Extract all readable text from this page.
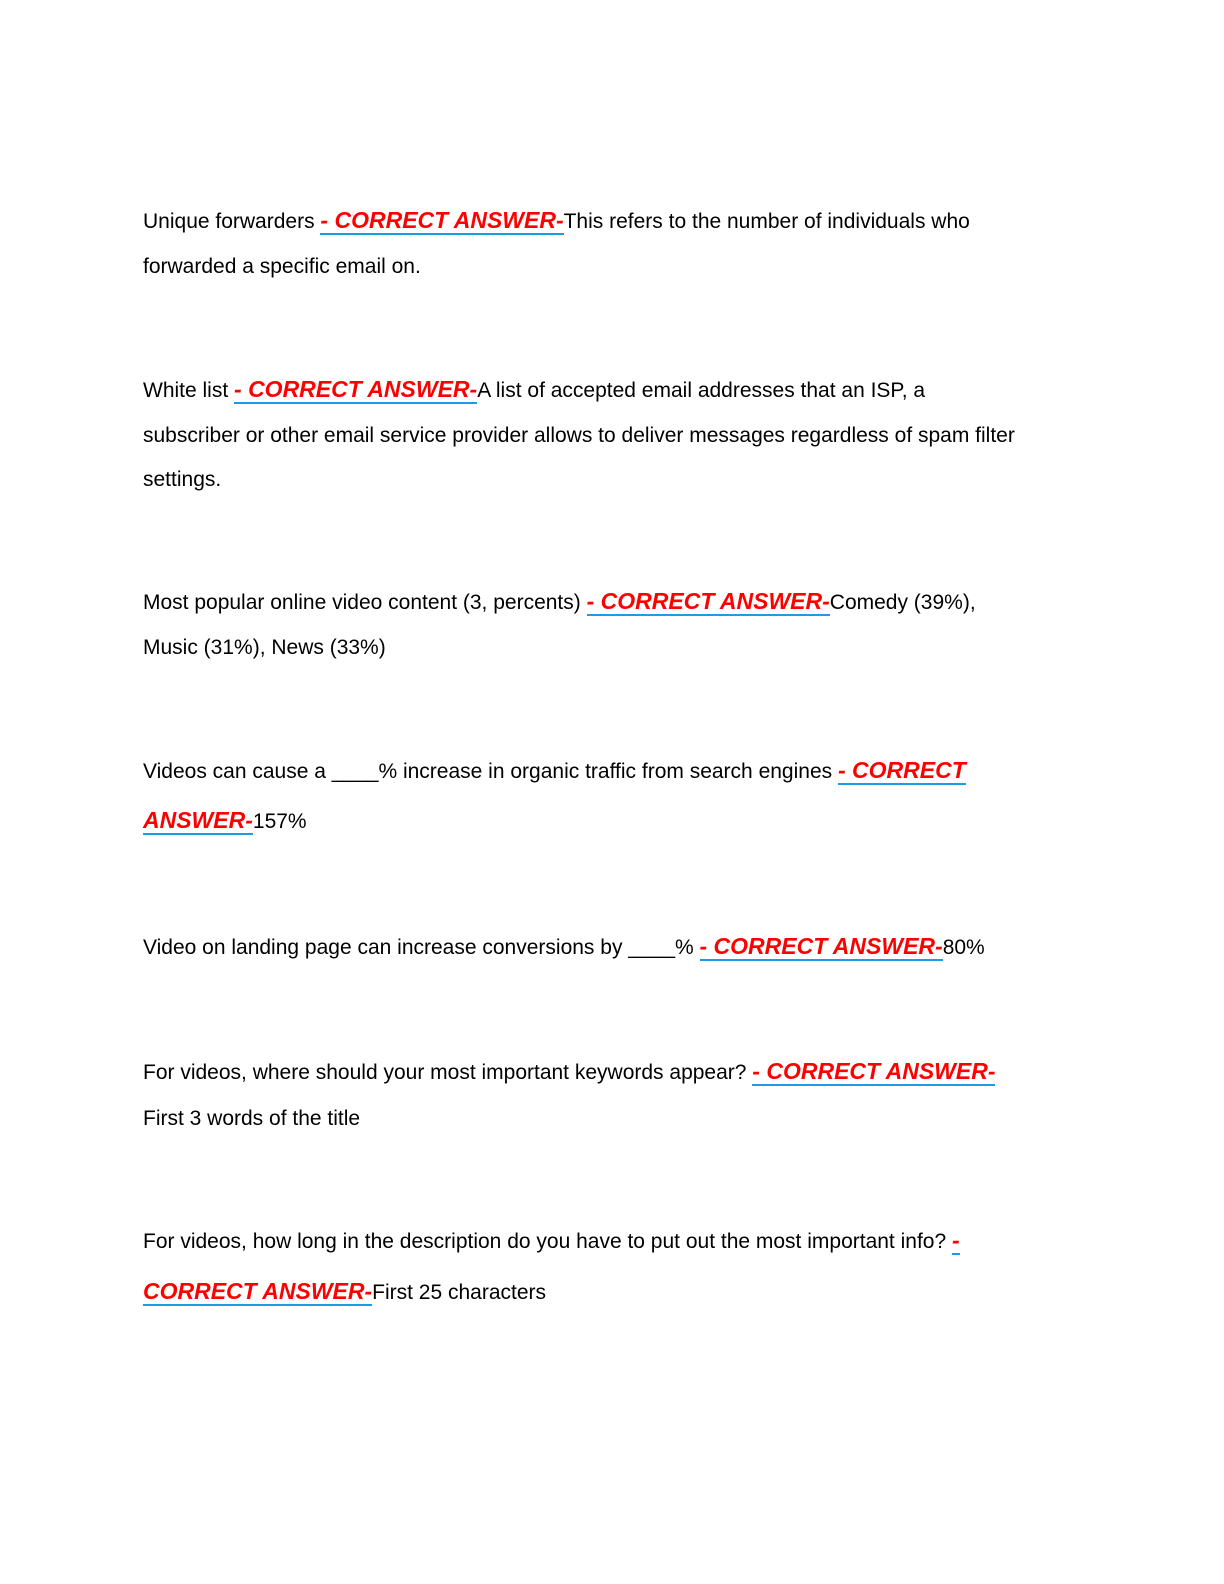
Unique forwarders - CORRECT ANSWER-This refers to the number of individuals who
forwarded a specific email on.
White list - CORRECT ANSWER-A list of accepted email addresses that an ISP, a
subscriber or other email service provider allows to deliver messages regardless of spam filter
settings.
Most popular online video content (3, percents) - CORRECT ANSWER-Comedy (39%),
Music (31%), News (33%)
Videos can cause a ____% increase in organic traffic from search engines - CORRECT
ANSWER-157%
Video on landing page can increase conversions by ____% - CORRECT ANSWER-80%
For videos, where should your most important keywords appear? - CORRECT ANSWER-
First 3 words of the title
For videos, how long in the description do you have to put out the most important info? -
CORRECT ANSWER-First 25 characters
